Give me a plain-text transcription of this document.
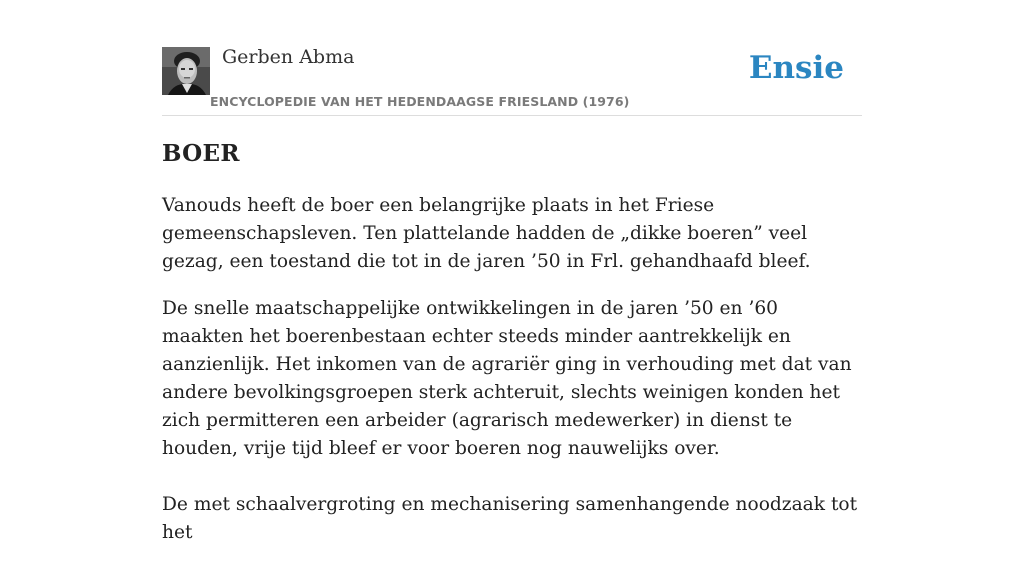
Gerben Abma
ENCYCLOPEDIE VAN HET HEDENDAAGSE FRIESLAND (1976)
Ensie
BOER

Vanouds heeft de boer een belangrijke plaats in het Friese gemeenschapsleven. Ten plattelande hadden de „dikke boeren” veel gezag, een toestand die tot in de jaren ’50 in Frl. gehandhaafd bleef.

De snelle maatschappelijke ontwikkelingen in de jaren ’50 en ’60 maakten het boerenbestaan echter steeds minder aantrekkelijk en aanzienlijk. Het inkomen van de agrariër ging in verhouding met dat van andere bevolkingsgroepen sterk achteruit, slechts weinigen konden het zich permitteren een arbeider (agrarisch medewerker) in dienst te houden, vrije tijd bleef er voor boeren nog nauwelijks over.

De met schaalvergroting en mechanisering samenhangende noodzaak tot het
